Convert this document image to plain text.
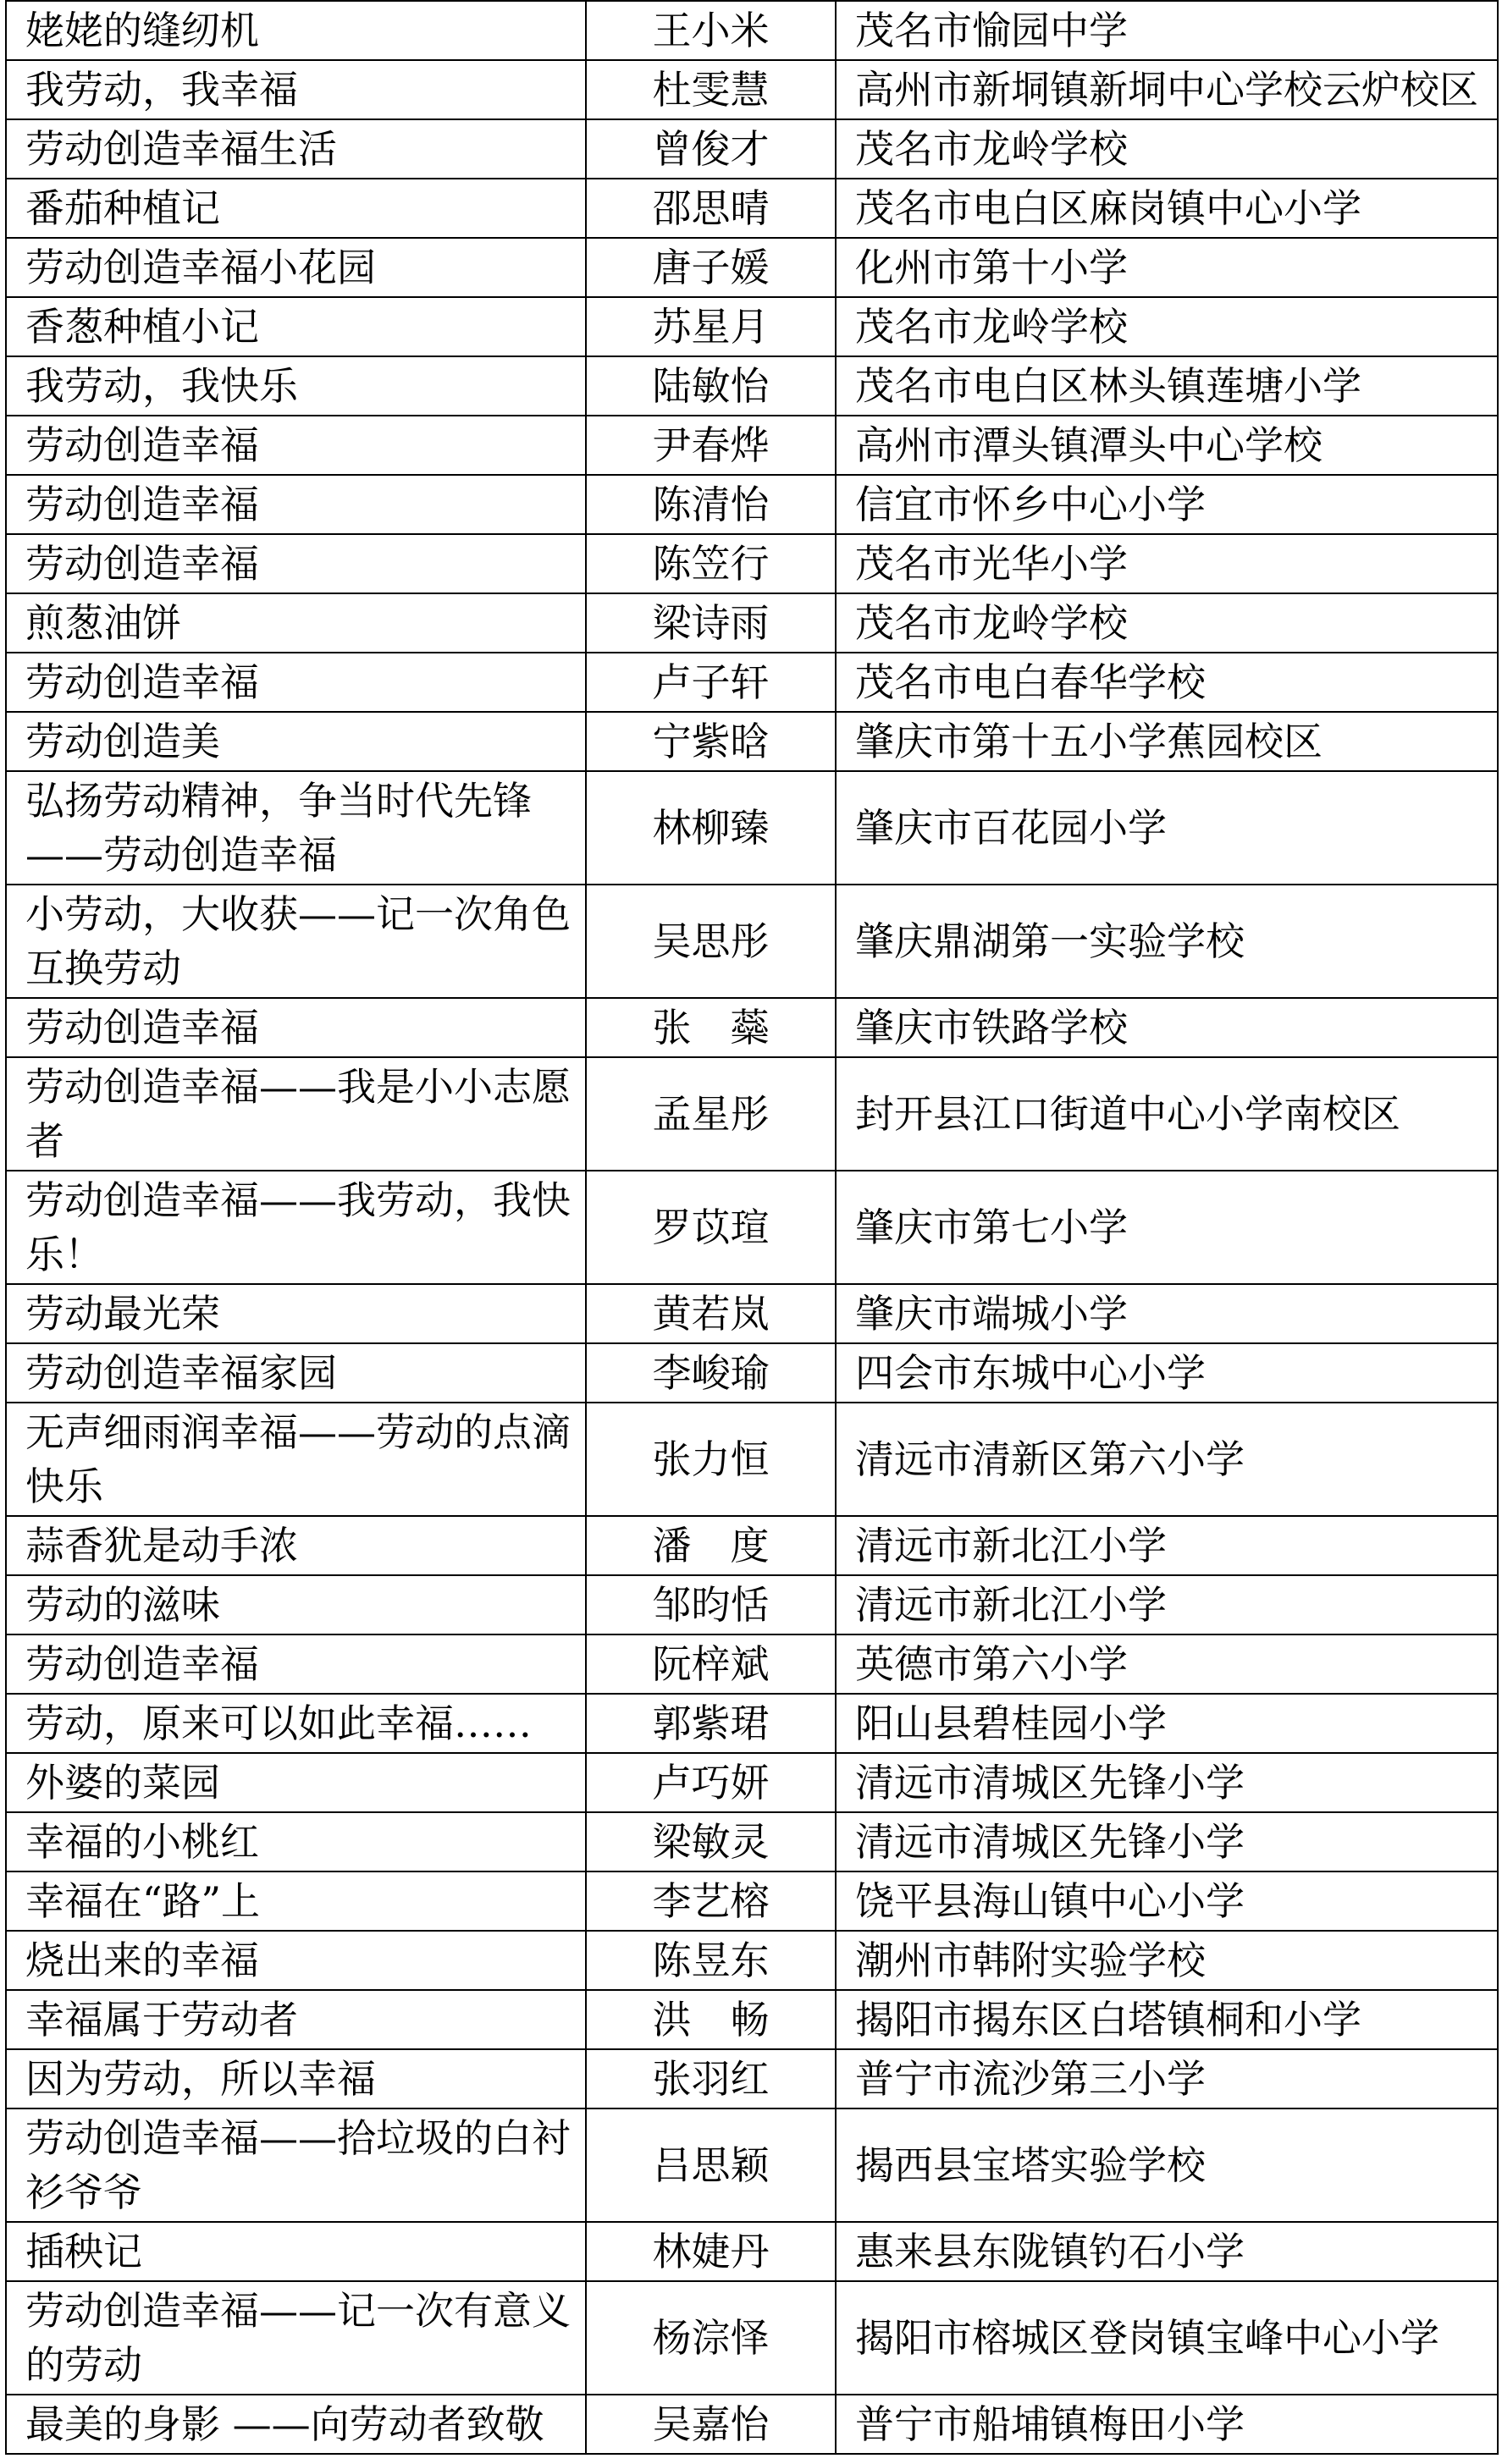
姥姥的缝纫机	王小米	茂名市愉园中学
我劳动，我幸福	杜雯慧	高州市新垌镇新垌中心学校云炉校区
劳动创造幸福生活	曾俊才	茂名市龙岭学校
番茄种植记	邵思晴	茂名市电白区麻岗镇中心小学
劳动创造幸福小花园	唐子媛	化州市第十小学
香葱种植小记	苏星月	茂名市龙岭学校
我劳动，我快乐	陆敏怡	茂名市电白区林头镇莲塘小学
劳动创造幸福	尹春烨	高州市潭头镇潭头中心学校
劳动创造幸福	陈清怡	信宜市怀乡中心小学
劳动创造幸福	陈笠行	茂名市光华小学
煎葱油饼	梁诗雨	茂名市龙岭学校
劳动创造幸福	卢子轩	茂名市电白春华学校
劳动创造美	宁紫晗	肇庆市第十五小学蕉园校区
弘扬劳动精神，争当时代先锋——劳动创造幸福	林柳臻	肇庆市百花园小学
小劳动，大收获——记一次角色互换劳动	吴思彤	肇庆鼎湖第一实验学校
劳动创造幸福	张　蘂	肇庆市铁路学校
劳动创造幸福——我是小小志愿者	孟星彤	封开县江口街道中心小学南校区
劳动创造幸福——我劳动，我快乐！	罗苡瑄	肇庆市第七小学
劳动最光荣	黄若岚	肇庆市端城小学
劳动创造幸福家园	李峻瑜	四会市东城中心小学
无声细雨润幸福——劳动的点滴快乐	张力恒	清远市清新区第六小学
蒜香犹是动手浓	潘　度	清远市新北江小学
劳动的滋味	邹昀恬	清远市新北江小学
劳动创造幸福	阮梓斌	英德市第六小学
劳动，原来可以如此幸福……	郭紫珺	阳山县碧桂园小学
外婆的菜园	卢巧妍	清远市清城区先锋小学
幸福的小桃红	梁敏灵	清远市清城区先锋小学
幸福在“路”上	李艺榕	饶平县海山镇中心小学
烧出来的幸福	陈昱东	潮州市韩附实验学校
幸福属于劳动者	洪　畅	揭阳市揭东区白塔镇桐和小学
因为劳动，所以幸福	张羽红	普宁市流沙第三小学
劳动创造幸福——拾垃圾的白衬衫爷爷	吕思颖	揭西县宝塔实验学校
插秧记	林婕丹	惠来县东陇镇钓石小学
劳动创造幸福——记一次有意义的劳动	杨淙怿	揭阳市榕城区登岗镇宝峰中心小学
最美的身影 ——向劳动者致敬	吴嘉怡	普宁市船埔镇梅田小学
